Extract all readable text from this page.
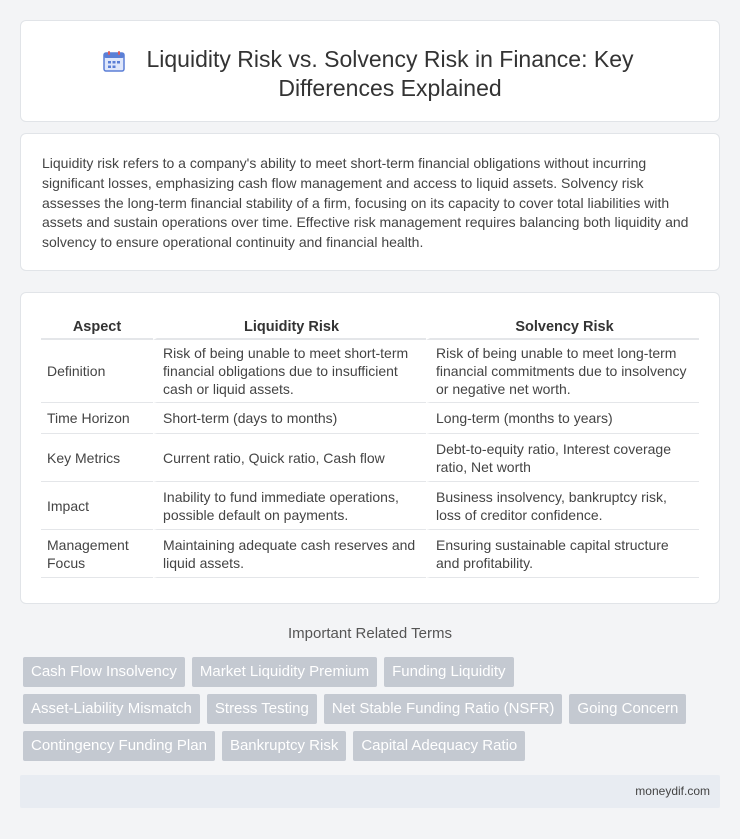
Liquidity Risk vs. Solvency Risk in Finance: Key Differences Explained

Liquidity risk refers to a company's ability to meet short-term financial obligations without incurring significant losses, emphasizing cash flow management and access to liquid assets. Solvency risk assesses the long-term financial stability of a firm, focusing on its capacity to cover total liabilities with assets and sustain operations over time. Effective risk management requires balancing both liquidity and solvency to ensure operational continuity and financial health.

Aspect	Liquidity Risk	Solvency Risk
Definition	Risk of being unable to meet short-term financial obligations due to insufficient cash or liquid assets.	Risk of being unable to meet long-term financial commitments due to insolvency or negative net worth.
Time Horizon	Short-term (days to months)	Long-term (months to years)
Key Metrics	Current ratio, Quick ratio, Cash flow	Debt-to-equity ratio, Interest coverage ratio, Net worth
Impact	Inability to fund immediate operations, possible default on payments.	Business insolvency, bankruptcy risk, loss of creditor confidence.
Management Focus	Maintaining adequate cash reserves and liquid assets.	Ensuring sustainable capital structure and profitability.
Important Related Terms
Cash Flow Insolvency	Market Liquidity Premium	Funding Liquidity
Asset-Liability Mismatch	Stress Testing	Net Stable Funding Ratio (NSFR)	Going Concern
Contingency Funding Plan	Bankruptcy Risk	Capital Adequacy Ratio
moneydif.com
